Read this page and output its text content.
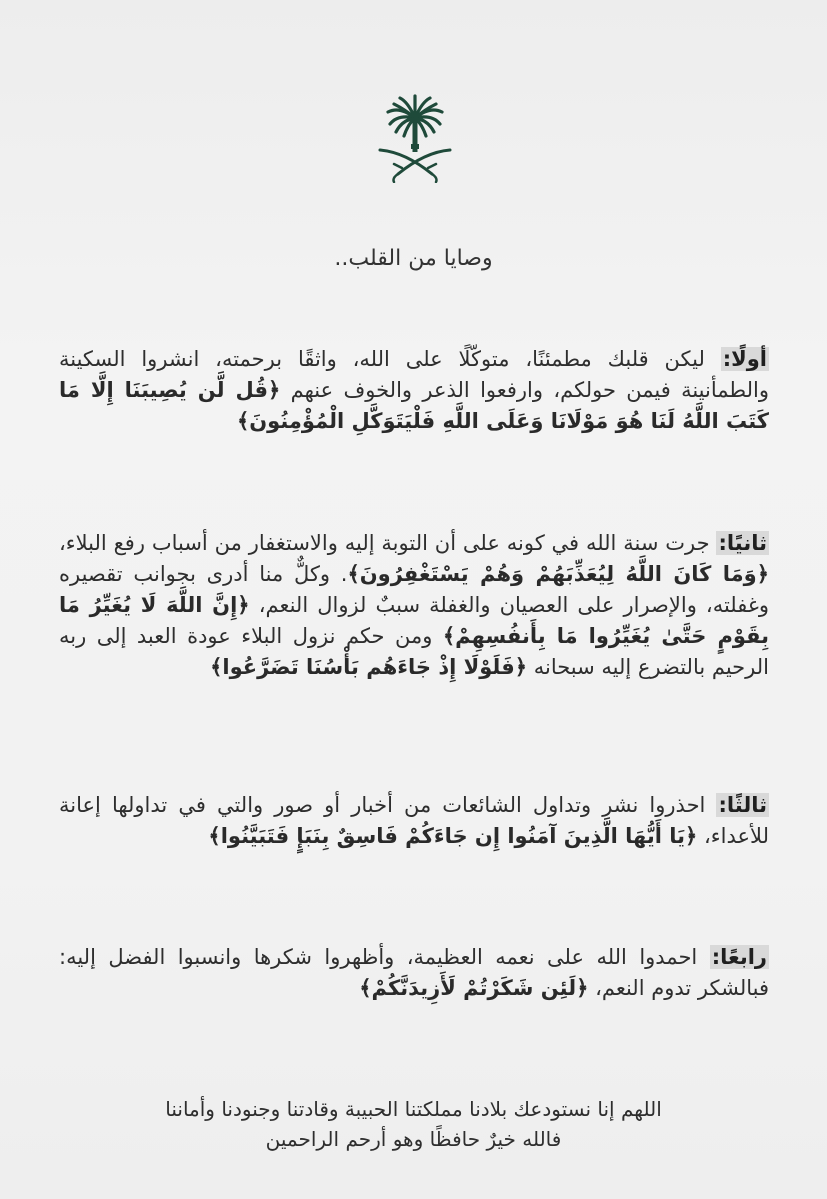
وصايا من القلب..
أولًا: ليكن قلبك مطمئنًا، متوكّلًا على الله، واثقًا برحمته، انشروا السكينة والطمأنينة فيمن حولكم، وارفعوا الذعر والخوف عنهم ﴿قُل لَّن يُصِيبَنَا إِلَّا مَا كَتَبَ اللَّهُ لَنَا هُوَ مَوْلَانَا وَعَلَى اللَّهِ فَلْيَتَوَكَّلِ الْمُؤْمِنُونَ﴾
ثانيًا: جرت سنة الله في كونه على أن التوبة إليه والاستغفار من أسباب رفع البلاء، ﴿وَمَا كَانَ اللَّهُ لِيُعَذِّبَهُمْ وَهُمْ يَسْتَغْفِرُونَ﴾. وكلٌّ منا أدرى بجوانب تقصيره وغفلته، والإصرار على العصيان والغفلة سببٌ لزوال النعم، ﴿إِنَّ اللَّهَ لَا يُغَيِّرُ مَا بِقَوْمٍ حَتَّىٰ يُغَيِّرُوا مَا بِأَنفُسِهِمْ﴾ ومن حكم نزول البلاء عودة العبد إلى ربه الرحيم بالتضرع إليه سبحانه ﴿فَلَوْلَا إِذْ جَاءَهُم بَأْسُنَا تَضَرَّعُوا﴾
ثالثًا: احذروا نشر وتداول الشائعات من أخبار أو صور والتي في تداولها إعانة للأعداء، ﴿يَا أَيُّهَا الَّذِينَ آمَنُوا إِن جَاءَكُمْ فَاسِقٌ بِنَبَإٍ فَتَبَيَّنُوا﴾
رابعًا: احمدوا الله على نعمه العظيمة، وأظهروا شكرها وانسبوا الفضل إليه: فبالشكر تدوم النعم، ﴿لَئِن شَكَرْتُمْ لَأَزِيدَنَّكُمْ﴾
اللهم إنا نستودعك بلادنا مملكتنا الحبيبة وقادتنا وجنودنا وأماننا
فالله خيرٌ حافظًا وهو أرحم الراحمين
